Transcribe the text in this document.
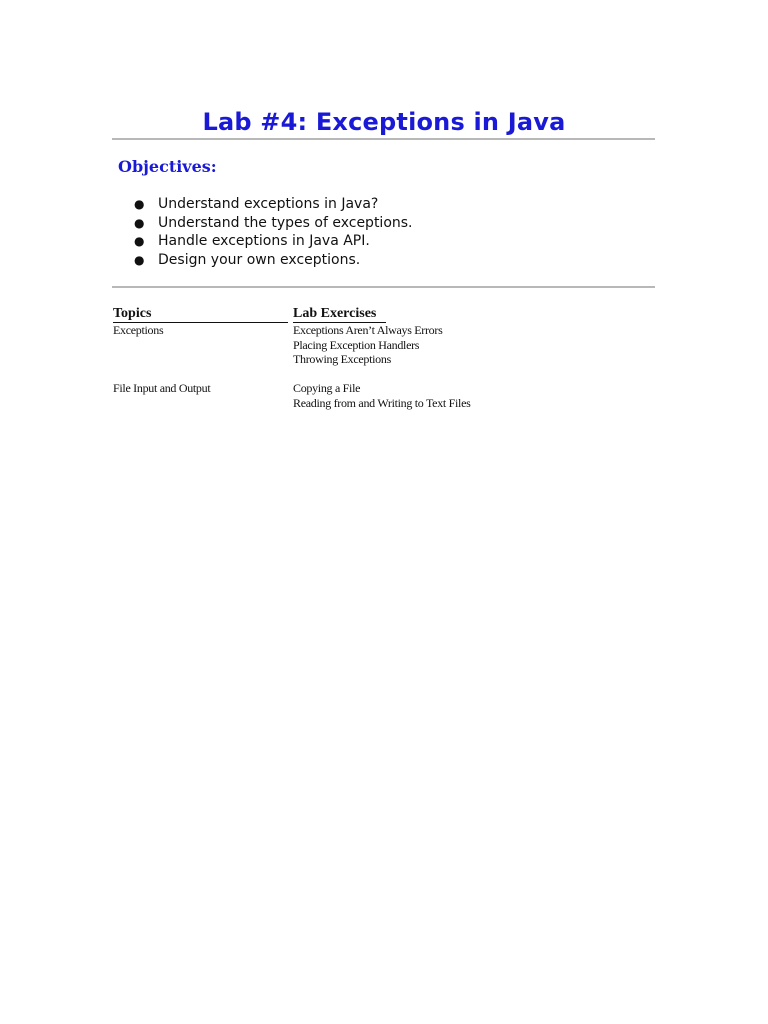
Lab #4: Exceptions in Java
Objectives:
● Understand exceptions in Java?
● Understand the types of exceptions.
● Handle exceptions in Java API.
● Design your own exceptions.
Topics	Lab Exercises
Exceptions	Exceptions Aren’t Always Errors
Placing Exception Handlers
Throwing Exceptions
File Input and Output	Copying a File
Reading from and Writing to Text Files
